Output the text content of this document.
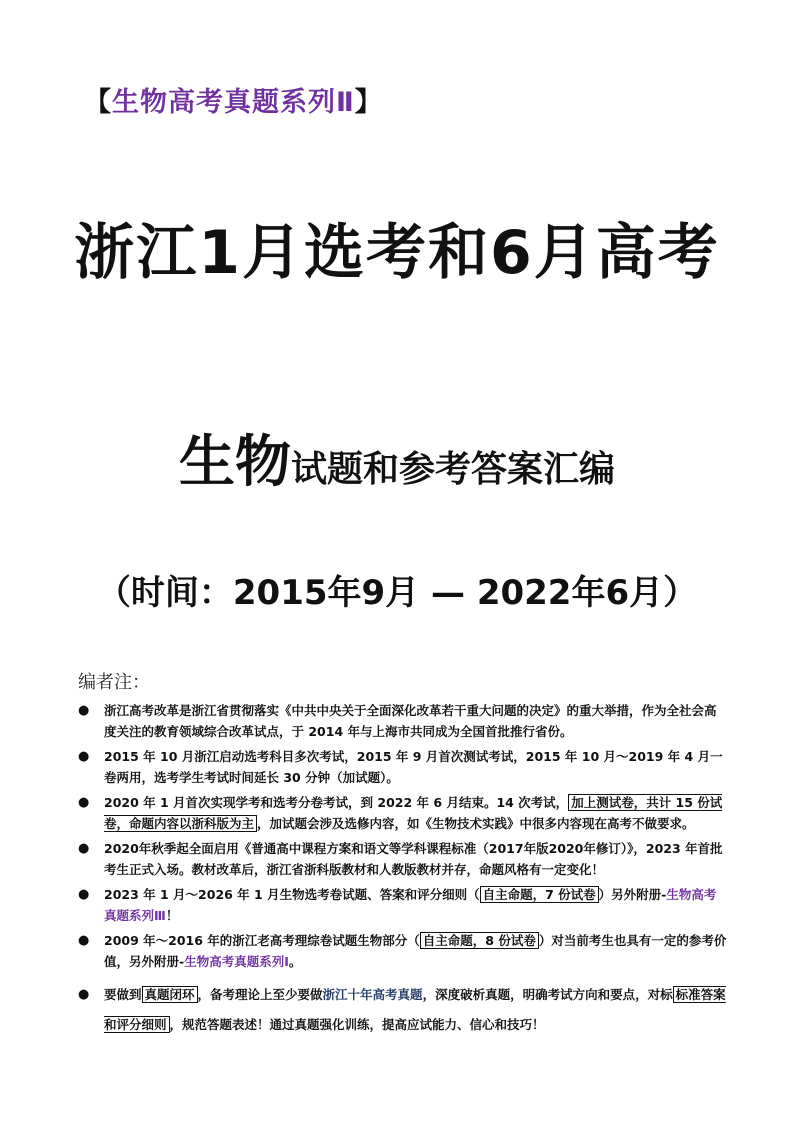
【生物高考真题系列Ⅱ】
浙江1月选考和6月高考
生物试题和参考答案汇编
（时间：2015年9月 — 2022年6月）
编者注：
● 浙江高考改革是浙江省贯彻落实《中共中央关于全面深化改革若干重大问题的决定》的重大举措，作为全社会高度关注的教育领域综合改革试点，于 2014 年与上海市共同成为全国首批推行省份。
● 2015 年 10 月浙江启动选考科目多次考试，2015 年 9 月首次测试考试，2015 年 10 月～2019 年 4 月一卷两用，选考学生考试时间延长 30 分钟（加试题）。
● 2020 年 1 月首次实现学考和选考分卷考试，到 2022 年 6 月结束。14 次考试， 加上测试卷，共计 15 份试卷，命题内容以浙科版为主 ，加试题会涉及选修内容，如《生物技术实践》中很多内容现在高考不做要求。
● 2020年秋季起全面启用《普通高中课程方案和语文等学科课程标准（2017年版2020年修订）》，2023 年首批考生正式入场。教材改革后，浙江省浙科版教材和人教版教材并存，命题风格有一定变化！
● 2023 年 1 月～2026 年 1 月生物选考卷试题、答案和评分细则（ 自主命题，7 份试卷 ）另外附册-生物高考真题系列Ⅲ！
● 2009 年～2016 年的浙江老高考理综卷试题生物部分（ 自主命题，8 份试卷 ）对当前考生也具有一定的参考价值，另外附册-生物高考真题系列Ⅰ。
● 要做到 真题闭环 ，备考理论上至少要做浙江十年高考真题，深度破析真题，明确考试方向和要点，对标 标准答案和评分细则 ，规范答题表述！通过真题强化训练，提高应试能力、信心和技巧！
